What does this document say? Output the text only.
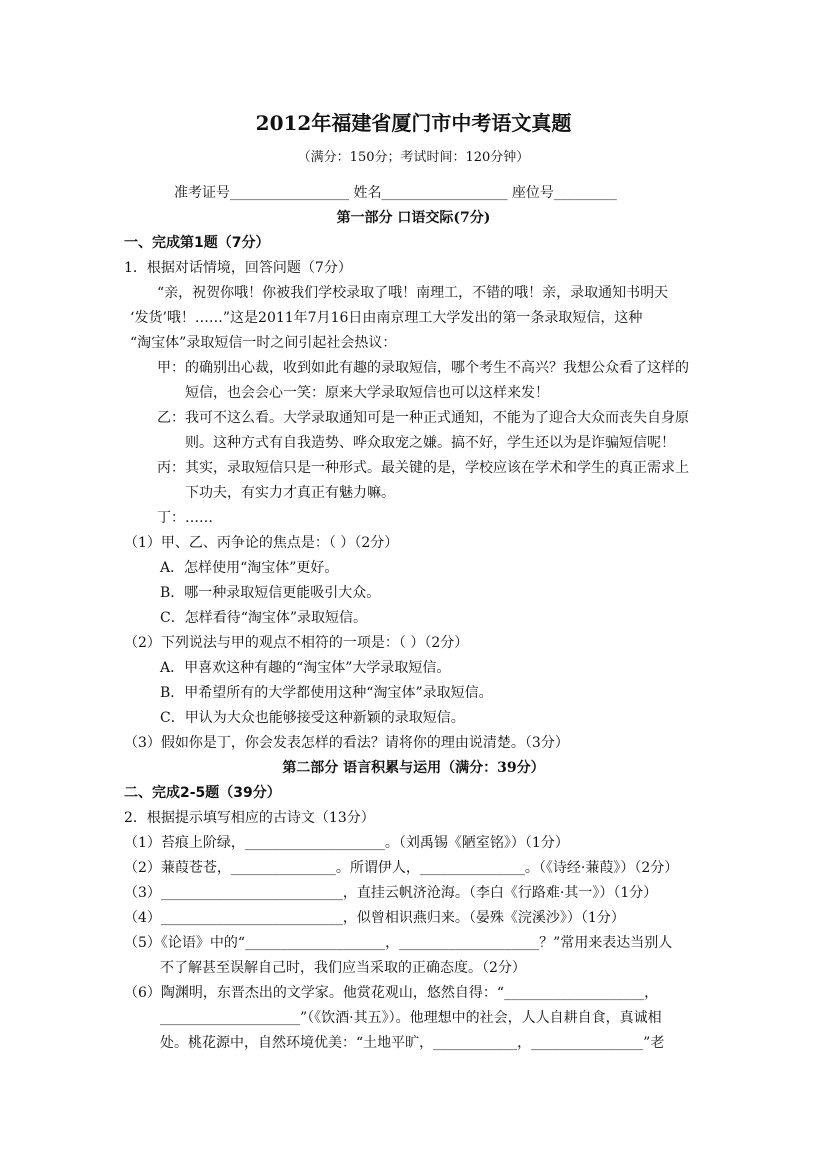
2012年福建省厦门市中考语文真题
（满分：150分；考试时间：120分钟）
准考证号_________________ 姓名__________________ 座位号_________
第一部分 口语交际(7分)
一、完成第1题（7分）
1．根据对话情境，回答问题（7分）
“亲，祝贺你哦！你被我们学校录取了哦！南理工，不错的哦！亲，录取通知书明天
‘发货’哦！……”这是2011年7月16日由南京理工大学发出的第一条录取短信，这种
“淘宝体”录取短信一时之间引起社会热议：
甲：的确别出心裁，收到如此有趣的录取短信，哪个考生不高兴？我想公众看了这样的
短信，也会会心一笑：原来大学录取短信也可以这样来发！
乙：我可不这么看。大学录取通知可是一种正式通知，不能为了迎合大众而丧失自身原
则。这种方式有自我造势、哗众取宠之嫌。搞不好，学生还以为是诈骗短信呢！
丙：其实，录取短信只是一种形式。最关键的是，学校应该在学术和学生的真正需求上
下功夫，有实力才真正有魅力嘛。
丁：……
（1）甲、乙、丙争论的焦点是：（ ）（2分）
A．怎样使用“淘宝体”更好。
B．哪一种录取短信更能吸引大众。
C．怎样看待“淘宝体”录取短信。
（2）下列说法与甲的观点不相符的一项是：（ ）（2分）
A．甲喜欢这种有趣的“淘宝体”大学录取短信。
B．甲希望所有的大学都使用这种“淘宝体”录取短信。
C．甲认为大众也能够接受这种新颖的录取短信。
（3）假如你是丁，你会发表怎样的看法？请将你的理由说清楚。（3分）
第二部分 语言积累与运用（满分：39分）
二、完成2-5题（39分）
2．根据提示填写相应的古诗文（13分）
（1）苔痕上阶绿，____________________。（刘禹锡《陋室铭》）（1分）
（2）蒹葭苍苍，_______________。所谓伊人，_______________。（《诗经·蒹葭》）（2分）
（3）__________________________，直挂云帆济沧海。（李白《行路难·其一》）（1分）
（4）__________________________，似曾相识燕归来。（晏殊《浣溪沙》）（1分）
（5）《论语》中的“____________________，____________________？”常用来表达当别人
不了解甚至误解自己时，我们应当采取的正确态度。（2分）
（6）陶渊明，东晋杰出的文学家。他赏花观山，悠然自得：“____________________，
____________________”（《饮酒·其五》）。他理想中的社会，人人自耕自食，真诚相
处。桃花源中，自然环境优美：“土地平旷，____________，________________”老
